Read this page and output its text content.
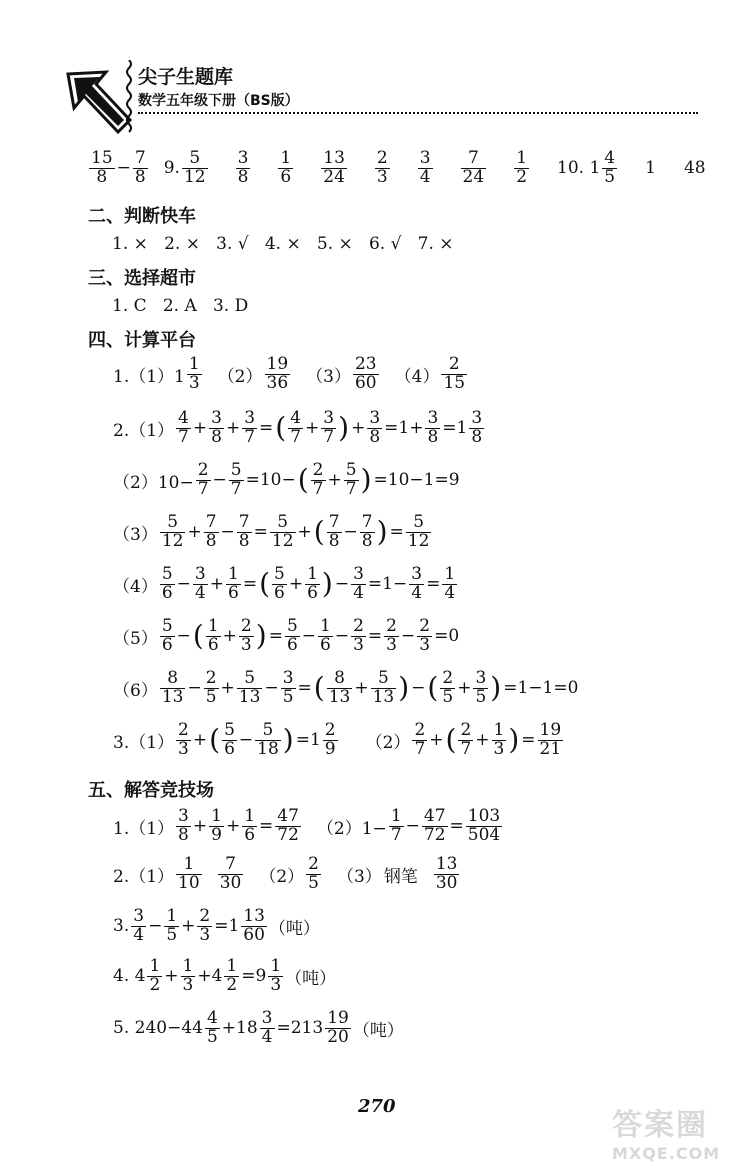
尖子生题库
数学五年级下册（BS版）
$\frac{15}{8} - \frac{7}{8} 9$. $\frac{5}{12} \frac{3}{8} \frac{1}{6} \frac{13}{24} \frac{2}{3} \frac{3}{4} \frac{7}{24} \frac{1}{2} 10$. $1 \frac{4}{5} 1$ 48
二、判断快车
1. ×   2. ×   3. √   4. ×   5. ×   6. √   7. ×
三、选择超市
1. C   2. A   3. D
四、计算平台
$1.(1)1 \frac{1}{3} (2) \frac{19}{36} (3) \frac{23}{60} (4) \frac{2}{15}$
$2.(1) \frac{4}{7} + \frac{3}{8} + \frac{3}{7}$ = ( $\frac{4}{7} + \frac{3}{7}$ ) + $\frac{3}{8} =1+ \frac{3}{8} =1 \frac{3}{8}$
$(2)10- \frac{2}{7} - \frac{5}{7} =10-$ ( $\frac{2}{7} + \frac{5}{7}$ ) =10−1=9
$(3) \frac{5}{12} + \frac{7}{8} - \frac{7}{8} = \frac{5}{12}$ + ( $\frac{7}{8} - \frac{7}{8}$ ) = $\frac{5}{12}$
$(4) \frac{5}{6} - \frac{3}{4} + \frac{1}{6}$ = ( $\frac{5}{6} + \frac{1}{6}$ ) − $\frac{3}{4} =1- \frac{3}{4} = \frac{1}{4}$
$(5) \frac{5}{6}$ − ( $\frac{1}{6} + \frac{2}{3}$ ) = $\frac{5}{6} - \frac{1}{6} - \frac{2}{3} = \frac{2}{3} - \frac{2}{3} =0$
$(6) \frac{8}{13} - \frac{2}{5} + \frac{5}{13} - \frac{3}{5}$ = ( $\frac{8}{13} + \frac{5}{13}$ ) − ( $\frac{2}{5} + \frac{3}{5}$ ) =1−1=0
$3.(1) \frac{2}{3}$ + ( $\frac{5}{6} - \frac{5}{18}$ ) $=1 \frac{2}{9} (2) \frac{2}{7}$ + ( $\frac{2}{7} + \frac{1}{3}$ ) = $\frac{19}{21}$
五、解答竞技场
$1.(1) \frac{3}{8} + \frac{1}{9} + \frac{1}{6} = \frac{47}{72} (2)1- \frac{1}{7} - \frac{47}{72} = \frac{103}{504}$
$2.(1) \frac{1}{10} \frac{7}{30} (2) \frac{2}{5} (3)$ 钢笔 $\frac{13}{30}$
3. $\frac{3}{4} - \frac{1}{5} + \frac{2}{3} =1 \frac{13}{60}$ （吨）
4. $4 \frac{1}{2} + \frac{1}{3} +4 \frac{1}{2} =9 \frac{1}{3}$ （吨）
5. $240-44 \frac{4}{5} +18 \frac{3}{4} =213 \frac{19}{20}$ （吨）
270
答案圈
MXQE.COM
